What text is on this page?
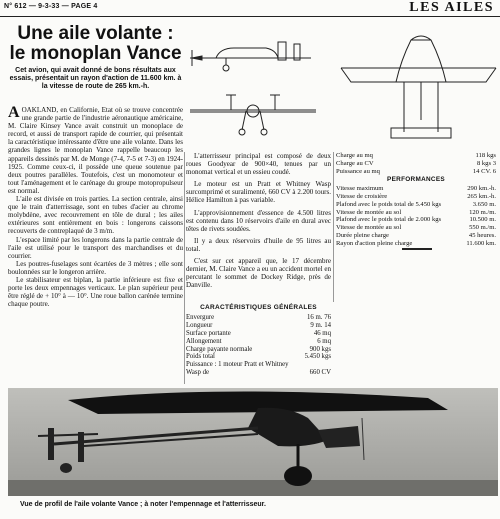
N° 612 — 9-3-33 — PAGE 4	LES AILES
Une aile volante :
le monoplan Vance
Cet avion, qui avait donné de bons résultats aux essais, présentait un rayon d'action de 11.600 km. à la vitesse de route de 265 km.-h.

AOAKLAND, en Californie, Etat où se trouve concentrée une grande partie de l'industrie aéronautique américaine, M. Claire Kinsey Vance avait construit un monoplace de record, et aussi de transport rapide de courrier, qui présentait la caractéristique intéressante d'être une aile volante. Dans les grandes lignes le monoplan Vance rappelle beaucoup les appareils dessinés par M. de Monge (7-4, 7-5 et 7-3) en 1924-1925. Comme ceux-ci, il possède une queue soutenue par deux poutres parallèles. Toutefois, c'est un monomoteur et tout l'aménagement et le carénage du groupe motopropulseur est normal.

L'aile est divisée en trois parties. La section centrale, ainsi que le train d'atterrissage, sont en tubes d'acier au chrome molybdène, avec recouvrement en tôle de dural ; les ailes extérieures sont entièrement en bois : longerons caissons recouverts de contreplaqué de 3 m/m.

L'espace limité par les longerons dans la partie centrale de l'aile est utilisé pour le transport des marchandises et du courrier.

Les poutres-fuselages sont écartées de 3 mètres ; elle sont boulonnées sur le longeron arrière.

Le stabilisateur est biplan, la partie inférieure est fixe et porte les deux empennages verticaux. Le plan supérieur peut être réglé de + 10° à — 10°. Une roue ballon carénée termine chaque poutre.

L'atterrisseur principal est composé de deux roues Goodyear de 900×40, tenues par un monomat vertical et un essieu coudé.

Le moteur est un Pratt et Whitney Wasp surcomprimé et suralimenté, 660 CV à 2.200 tours. Hélice Hamilton à pas variable.

L'approvisionnement d'essence de 4.500 litres est contenu dans 10 réservoirs d'aile en dural avec têtes de rivets soudées.

Il y a deux réservoirs d'huile de 95 litres au total.

C'est sur cet appareil que, le 17 décembre dernier, M. Claire Vance a eu un accident mortel en percutant le sommet de Dockey Ridge, près de Danville.

CARACTÉRISTIQUES GÉNÉRALES
Envergure	16 m. 76
Longueur	9 m. 14
Surface portante	46 mq
Allongement	6 mq
Charge payante normale	900 kgs
Poids total	5.450 kgs
Puissance : 1 moteur Pratt et Whitney Wasp de	660 CV
Charge au mq	118 kgs
Charge au CV	8 kgs 3
Puissance au mq	14 CV. 6
PERFORMANCES
Vitesse maximum	290 km.-h.
Vitesse de croisière	265 km.-h.
Plafond avec le poids total de 5.450 kgs	3.650 m.
Vitesse de montée au sol	120 m./m.
Plafond avec le poids total de 2.000 kgs	10.500 m.
Vitesse de montée au sol	550 m./m.
Durée pleine charge	45 heures.
Rayon d'action pleine charge	11.600 km.
Vue de profil de l'aile volante Vance ; à noter l'empennage et l'atterrisseur.
